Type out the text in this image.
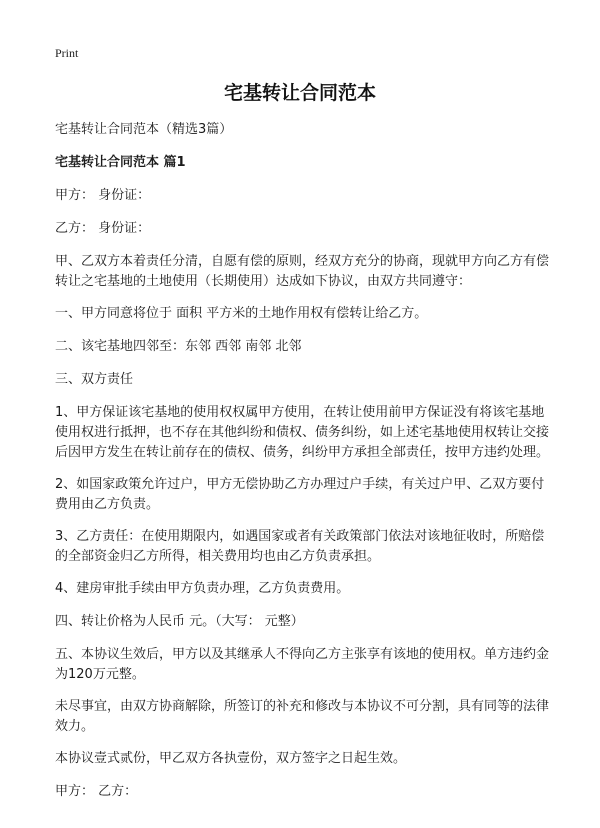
Print
宅基转让合同范本

宅基转让合同范本（精选3篇）

宅基转让合同范本 篇1

甲方： 身份证：

乙方： 身份证：

甲、乙双方本着责任分清，自愿有偿的原则，经双方充分的协商，现就甲方向乙方有偿转让之宅基地的土地使用（长期使用）达成如下协议，由双方共同遵守：

一、甲方同意将位于 面积 平方米的土地作用权有偿转让给乙方。

二、该宅基地四邻至：东邻 西邻 南邻 北邻

三、双方责任

1、甲方保证该宅基地的使用权权属甲方使用，在转让使用前甲方保证没有将该宅基地使用权进行抵押，也不存在其他纠纷和债权、债务纠纷，如上述宅基地使用权转让交接后因甲方发生在转让前存在的债权、债务，纠纷甲方承担全部责任，按甲方违约处理。

2、如国家政策允许过户，甲方无偿协助乙方办理过户手续，有关过户甲、乙双方要付费用由乙方负责。

3、乙方责任：在使用期限内，如遇国家或者有关政策部门依法对该地征收时，所赔偿的全部资金归乙方所得，相关费用均也由乙方负责承担。

4、建房审批手续由甲方负责办理，乙方负责费用。

四、转让价格为人民币 元。（大写： 元整）

五、本协议生效后，甲方以及其继承人不得向乙方主张享有该地的使用权。单方违约金为120万元整。

未尽事宜，由双方协商解除，所签订的补充和修改与本协议不可分割，具有同等的法律效力。

本协议壹式贰份，甲乙双方各执壹份，双方签字之日起生效。

甲方： 乙方：
